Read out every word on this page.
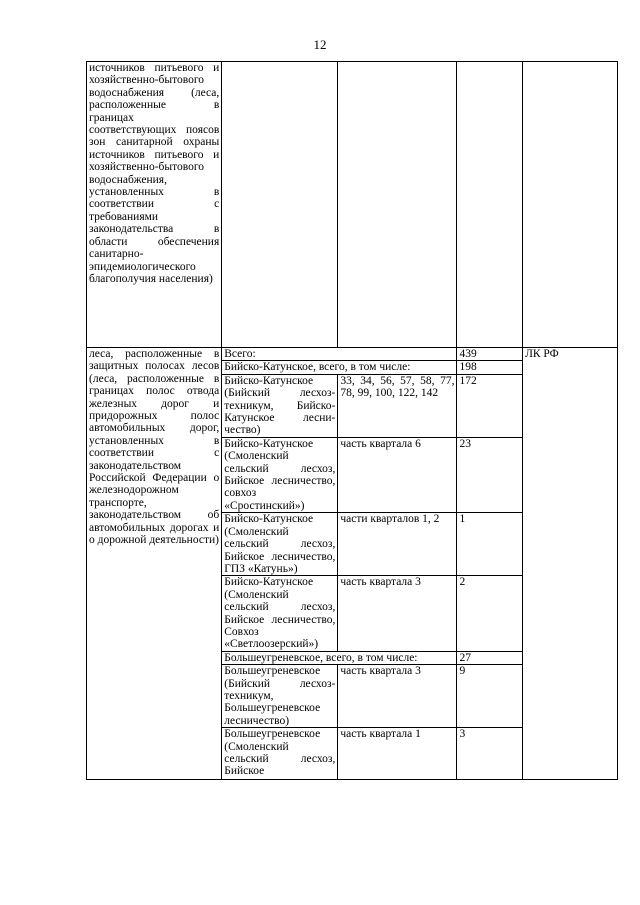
12
источников питьевого и хозяйственно-бытового водоснабжения (леса, расположенные в границах соответствующих поясов зон санитарной охраны источников питьевого и хозяйственно-бытового водоснабжения, установленных в соответствии с требованиями законодательства в области обеспечения санитарно-эпидемиологического благополучия населения)				
леса, расположенные в защитных полосах лесов (леса, расположенные в границах полос отвода железных дорог и придорожных полос автомобильных дорог, установленных в соответствии с законодательством Российской Федерации о железнодорожном транспорте, законодательством об автомобильных дорогах и о дорожной деятельности)	Всего:		439	ЛК РФ
	Бийско-Катунское, всего, в том числе:		198	
	Бийско-Катунское (Бийский лесхоз-техникум, Бийско-Катунское лесни-чество)	33, 34, 56, 57, 58, 77, 78, 99, 100, 122, 142	172	
	Бийско-Катунское (Смоленский сельский лесхоз, Бийское лесничество, совхоз «Сростинский»)	часть квартала 6	23	
	Бийско-Катунское (Смоленский сельский лесхоз, Бийское лесничество, ГПЗ «Катунь»)	части кварталов 1, 2	1	
	Бийско-Катунское (Смоленский сельский лесхоз, Бийское лесничество, Совхоз «Светлоозерский»)	часть квартала 3	2	
	Большеугреневское, всего, в том числе:		27	
	Большеугреневское (Бийский лесхоз-техникум, Большеугреневское лесничество)	часть квартала 3	9	
	Большеугреневское (Смоленский сельский лесхоз, Бийское	часть квартала 1	3	
